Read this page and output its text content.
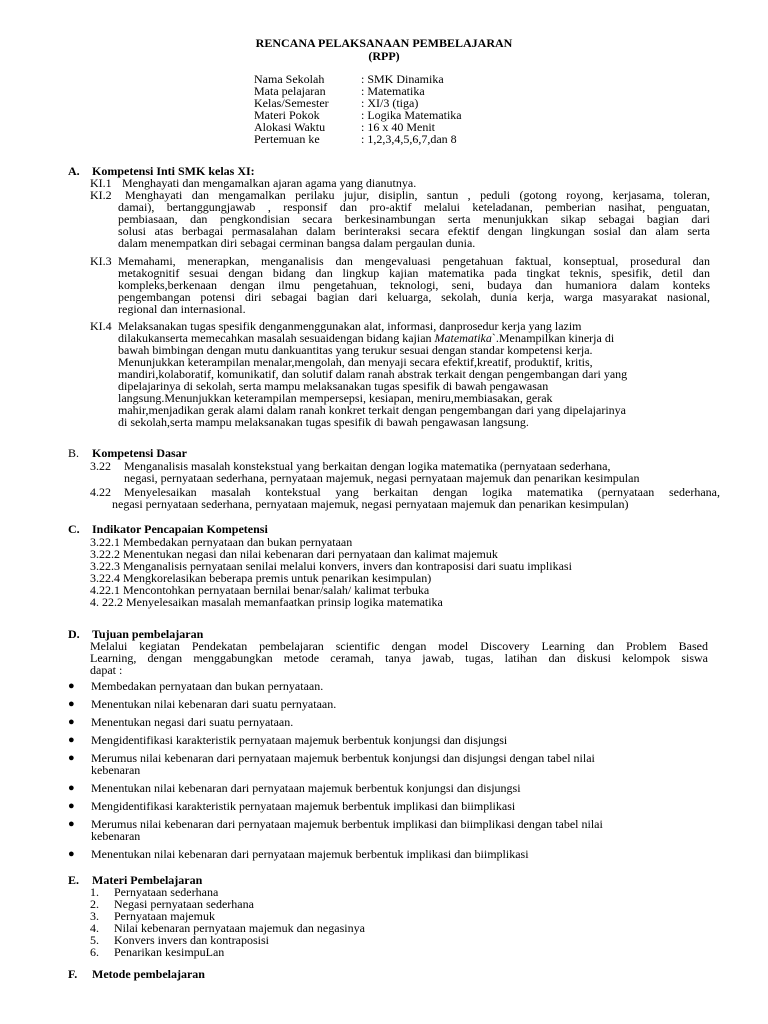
RENCANA PELAKSANAAN PEMBELAJARAN
(RPP)
Nama Sekolah	: SMK Dinamika
Mata pelajaran	: Matematika
Kelas/Semester	: XI/3 (tiga)
Materi Pokok	: Logika Matematika
Alokasi Waktu	: 16 x 40 Menit
Pertemuan ke	: 1,2,3,4,5,6,7,dan 8
A. Kompetensi Inti SMK kelas XI:
KI.1 Menghayati dan mengamalkan ajaran agama yang dianutnya.
KI.2 Menghayati dan mengamalkan perilaku jujur, disiplin, santun , peduli (gotong royong, kerjasama, toleran,
damai), bertanggungjawab , responsif dan pro-aktif melalui keteladanan, pemberian nasihat, penguatan,
pembiasaan, dan pengkondisian secara berkesinambungan serta menunjukkan sikap sebagai bagian dari
solusi atas berbagai permasalahan dalam berinteraksi secara efektif dengan lingkungan sosial dan alam serta
dalam menempatkan diri sebagai cerminan bangsa dalam pergaulan dunia.
KI.3 Memahami, menerapkan, menganalisis dan mengevaluasi pengetahuan faktual, konseptual, prosedural dan
metakognitif sesuai dengan bidang dan lingkup kajian matematika pada tingkat teknis, spesifik, detil dan
kompleks,berkenaan dengan ilmu pengetahuan, teknologi, seni, budaya dan humaniora dalam konteks
pengembangan potensi diri sebagai bagian dari keluarga, sekolah, dunia kerja, warga masyarakat nasional,
regional dan internasional.
KI.4 Melaksanakan tugas spesifik denganmenggunakan alat, informasi, danprosedur kerja yang lazim
dilakukanserta memecahkan masalah sesuaidengan bidang kajian Matematika`.Menampilkan kinerja di
bawah bimbingan dengan mutu dankuantitas yang terukur sesuai dengan standar kompetensi kerja.
Menunjukkan keterampilan menalar,mengolah, dan menyaji secara efektif,kreatif, produktif, kritis,
mandiri,kolaboratif, komunikatif, dan solutif dalam ranah abstrak terkait dengan pengembangan dari yang
dipelajarinya di sekolah, serta mampu melaksanakan tugas spesifik di bawah pengawasan
langsung.Menunjukkan keterampilan mempersepsi, kesiapan, meniru,membiasakan, gerak
mahir,menjadikan gerak alami dalam ranah konkret terkait dengan pengembangan dari yang dipelajarinya
di sekolah,serta mampu melaksanakan tugas spesifik di bawah pengawasan langsung.
B. Kompetensi Dasar
3.22 Menganalisis masalah konstekstual yang berkaitan dengan logika matematika (pernyataan sederhana,
negasi, pernyataan sederhana, pernyataan majemuk, negasi pernyataan majemuk dan penarikan kesimpulan
4.22 Menyelesaikan masalah kontekstual yang berkaitan dengan logika matematika (pernyataan sederhana,
negasi pernyataan sederhana, pernyataan majemuk, negasi pernyataan majemuk dan penarikan kesimpulan)
C. Indikator Pencapaian Kompetensi
3.22.1 Membedakan pernyataan dan bukan pernyataan
3.22.2 Menentukan negasi dan nilai kebenaran dari pernyataan dan kalimat majemuk
3.22.3 Menganalisis pernyataan senilai melalui konvers, invers dan kontraposisi dari suatu implikasi
3.22.4 Mengkorelasikan beberapa premis untuk penarikan kesimpulan)
4.22.1 Mencontohkan pernyataan bernilai benar/salah/ kalimat terbuka
4. 22.2 Menyelesaikan masalah memanfaatkan prinsip logika matematika
D. Tujuan pembelajaran
Melalui kegiatan Pendekatan pembelajaran scientific dengan model Discovery Learning dan Problem Based
Learning, dengan menggabungkan metode ceramah, tanya jawab, tugas, latihan dan diskusi kelompok siswa
dapat :
● Membedakan pernyataan dan bukan pernyataan.
● Menentukan nilai kebenaran dari suatu pernyataan.
● Menentukan negasi dari suatu pernyataan.
● Mengidentifikasi karakteristik pernyataan majemuk berbentuk konjungsi dan disjungsi
● Merumus nilai kebenaran dari pernyataan majemuk berbentuk konjungsi dan disjungsi dengan tabel nilai
kebenaran
● Menentukan nilai kebenaran dari pernyataan majemuk berbentuk konjungsi dan disjungsi
● Mengidentifikasi karakteristik pernyataan majemuk berbentuk implikasi dan biimplikasi
● Merumus nilai kebenaran dari pernyataan majemuk berbentuk implikasi dan biimplikasi dengan tabel nilai
kebenaran
● Menentukan nilai kebenaran dari pernyataan majemuk berbentuk implikasi dan biimplikasi
E. Materi Pembelajaran
1. Pernyataan sederhana
2. Negasi pernyataan sederhana
3. Pernyataan majemuk
4. Nilai kebenaran pernyataan majemuk dan negasinya
5. Konvers invers dan kontraposisi
6. Penarikan kesimpuLan
F. Metode pembelajaran
